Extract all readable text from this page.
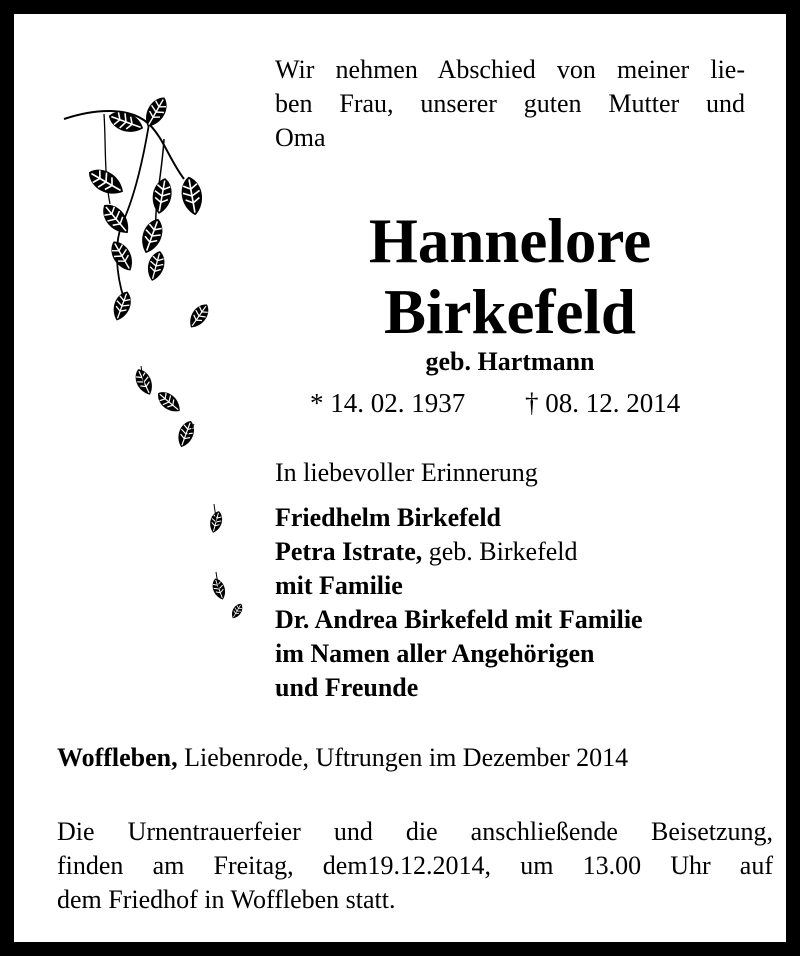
Wir nehmen Abschied von meiner lie-
ben Frau, unserer guten Mutter und
Oma
Hannelore
Birkefeld
geb. Hartmann
* 14. 02. 1937 † 08. 12. 2014
In liebevoller Erinnerung
Friedhelm Birkefeld
Petra Istrate, geb. Birkefeld
mit Familie
Dr. Andrea Birkefeld mit Familie
im Namen aller Angehörigen
und Freunde
Woffleben, Liebenrode, Uftrungen im Dezember 2014
Die Urnentrauerfeier und die anschließende Beisetzung,
finden am Freitag, dem19.12.2014, um 13.00 Uhr auf
dem Friedhof in Woffleben statt.
